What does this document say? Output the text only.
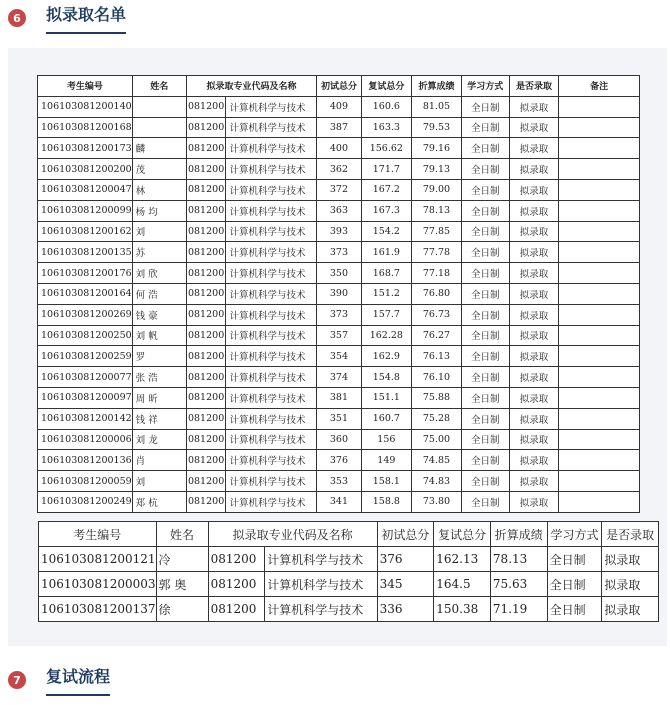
6	拟录取名单
考生编号	姓名	拟录取专业代码及名称		初试总分	复试总分	折算成绩	学习方式	是否录取	备注
106103081200140		081200	计算机科学与技术	409	160.6	81.05	全日制	拟录取	
106103081200168		081200	计算机科学与技术	387	163.3	79.53	全日制	拟录取	
106103081200173	麟	081200	计算机科学与技术	400	156.62	79.16	全日制	拟录取	
106103081200200	茂	081200	计算机科学与技术	362	171.7	79.13	全日制	拟录取	
106103081200047	林	081200	计算机科学与技术	372	167.2	79.00	全日制	拟录取	
106103081200099	杨 均	081200	计算机科学与技术	363	167.3	78.13	全日制	拟录取	
106103081200162	刘	081200	计算机科学与技术	393	154.2	77.85	全日制	拟录取	
106103081200135	苏	081200	计算机科学与技术	373	161.9	77.78	全日制	拟录取	
106103081200176	刘 欣	081200	计算机科学与技术	350	168.7	77.18	全日制	拟录取	
106103081200164	何 浩	081200	计算机科学与技术	390	151.2	76.80	全日制	拟录取	
106103081200269	钱 豪	081200	计算机科学与技术	373	157.7	76.73	全日制	拟录取	
106103081200250	刘 帆	081200	计算机科学与技术	357	162.28	76.27	全日制	拟录取	
106103081200259	罗	081200	计算机科学与技术	354	162.9	76.13	全日制	拟录取	
106103081200077	张 浩	081200	计算机科学与技术	374	154.8	76.10	全日制	拟录取	
106103081200097	周 昕	081200	计算机科学与技术	381	151.1	75.88	全日制	拟录取	
106103081200142	钱 祥	081200	计算机科学与技术	351	160.7	75.28	全日制	拟录取	
106103081200006	刘 龙	081200	计算机科学与技术	360	156	75.00	全日制	拟录取	
106103081200136	肖	081200	计算机科学与技术	376	149	74.85	全日制	拟录取	
106103081200059	刘	081200	计算机科学与技术	353	158.1	74.83	全日制	拟录取	
106103081200249	郑 杭	081200	计算机科学与技术	341	158.8	73.80	全日制	拟录取	
考生编号	姓名	拟录取专业代码及名称		初试总分	复试总分	折算成绩	学习方式	是否录取
106103081200121	冷	081200	计算机科学与技术	376	162.13	78.13	全日制	拟录取
106103081200003	郭 奥	081200	计算机科学与技术	345	164.5	75.63	全日制	拟录取
106103081200137	徐	081200	计算机科学与技术	336	150.38	71.19	全日制	拟录取
7	复试流程
